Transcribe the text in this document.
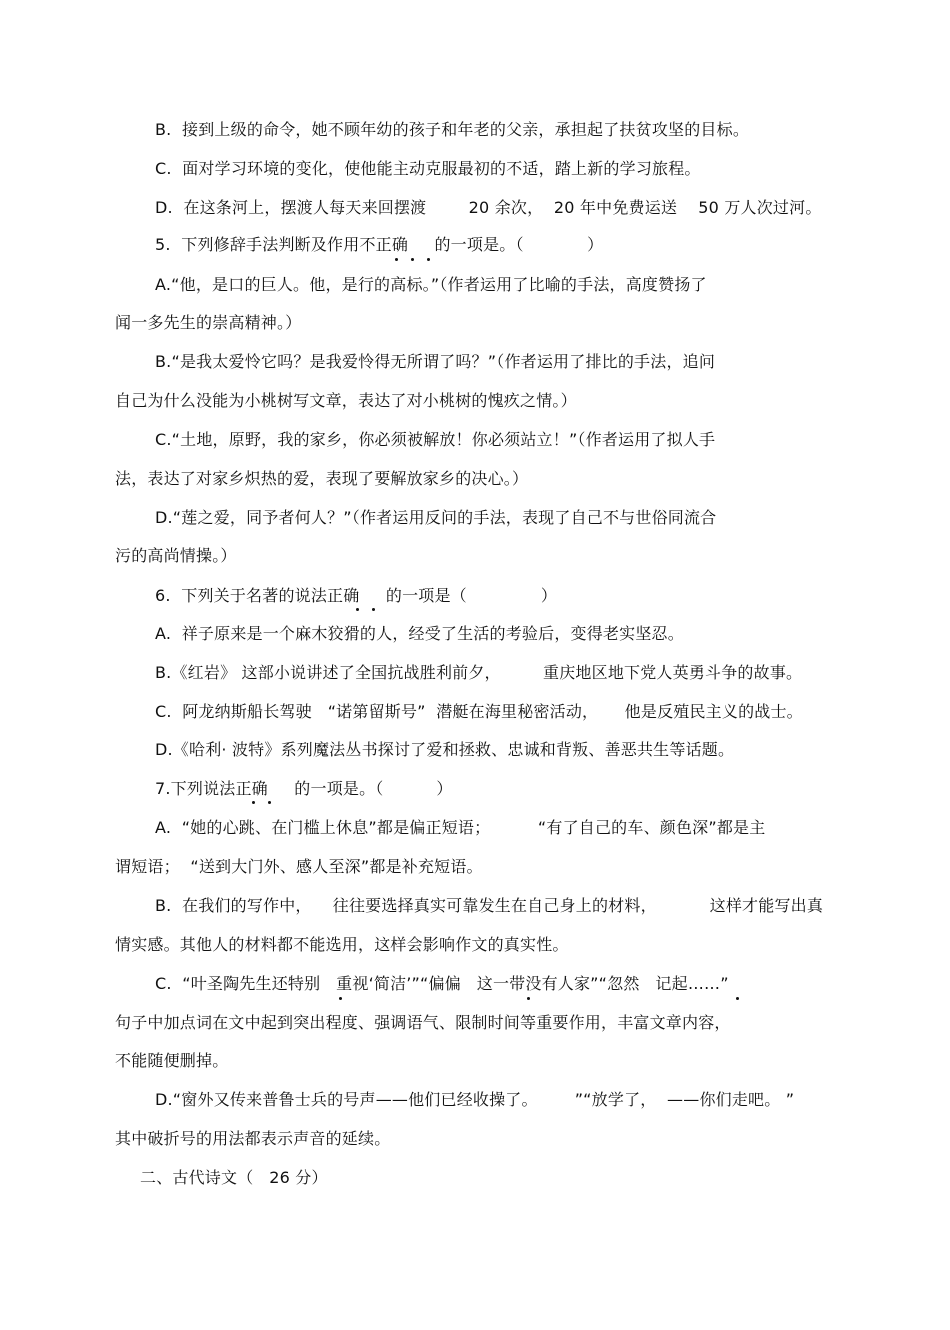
B.  接到上级的命令，她不顾年幼的孩子和年老的父亲，承担起了扶贫攻坚的目标。
C.  面对学习环境的变化，使他能主动克服最初的不适，踏上新的学习旅程。
D.  在这条河上，摆渡人每天来回摆渡        20 余次，  20 年中免费运送    50 万人次过河。
5.  下列修辞手法判断及作用不正确     的一项是。（            ）
A.“他，是口的巨人。他，是行的高标。”（作者运用了比喻的手法，高度赞扬了
闻一多先生的崇高精神。）
B.“是我太爱怜它吗？是我爱怜得无所谓了吗？”（作者运用了排比的手法，追问
自己为什么没能为小桃树写文章，表达了对小桃树的愧疚之情。）
C.“土地，原野，我的家乡，你必须被解放！你必须站立！”（作者运用了拟人手
法，表达了对家乡炽热的爱，表现了要解放家乡的决心。）
D.“莲之爱，同予者何人？”（作者运用反问的手法，表现了自己不与世俗同流合
污的高尚情操。）
6.  下列关于名著的说法正确     的一项是（              ）
A.  祥子原来是一个麻木狡猾的人，经受了生活的考验后，变得老实坚忍。
B.《红岩》 这部小说讲述了全国抗战胜利前夕，        重庆地区地下党人英勇斗争的故事。
C.  阿龙纳斯船长驾驶   “诺第留斯号”  潜艇在海里秘密活动，     他是反殖民主义的战士。
D.《哈利· 波特》系列魔法丛书探讨了爱和拯救、忠诚和背叛、善恶共生等话题。
7.下列说法正确     的一项是。（          ）
A.  “她的心跳、在门槛上休息”都是偏正短语；         “有了自己的车、颜色深”都是主
谓短语；  “送到大门外、感人至深”都是补充短语。
B.  在我们的写作中，    往往要选择真实可靠发生在自己身上的材料，          这样才能写出真
情实感。其他人的材料都不能选用，这样会影响作文的真实性。
C.  “叶圣陶先生还特别   重视‘简洁’”“偏偏   这一带没有人家”“忽然   记起……”
句子中加点词在文中起到突出程度、强调语气、限制时间等重要作用，丰富文章内容，
不能随便删掉。
D.“窗外又传来普鲁士兵的号声——他们已经收操了。       ”“放学了，  ——你们走吧。 ”
其中破折号的用法都表示声音的延续。
二、古代诗文（   26 分）
